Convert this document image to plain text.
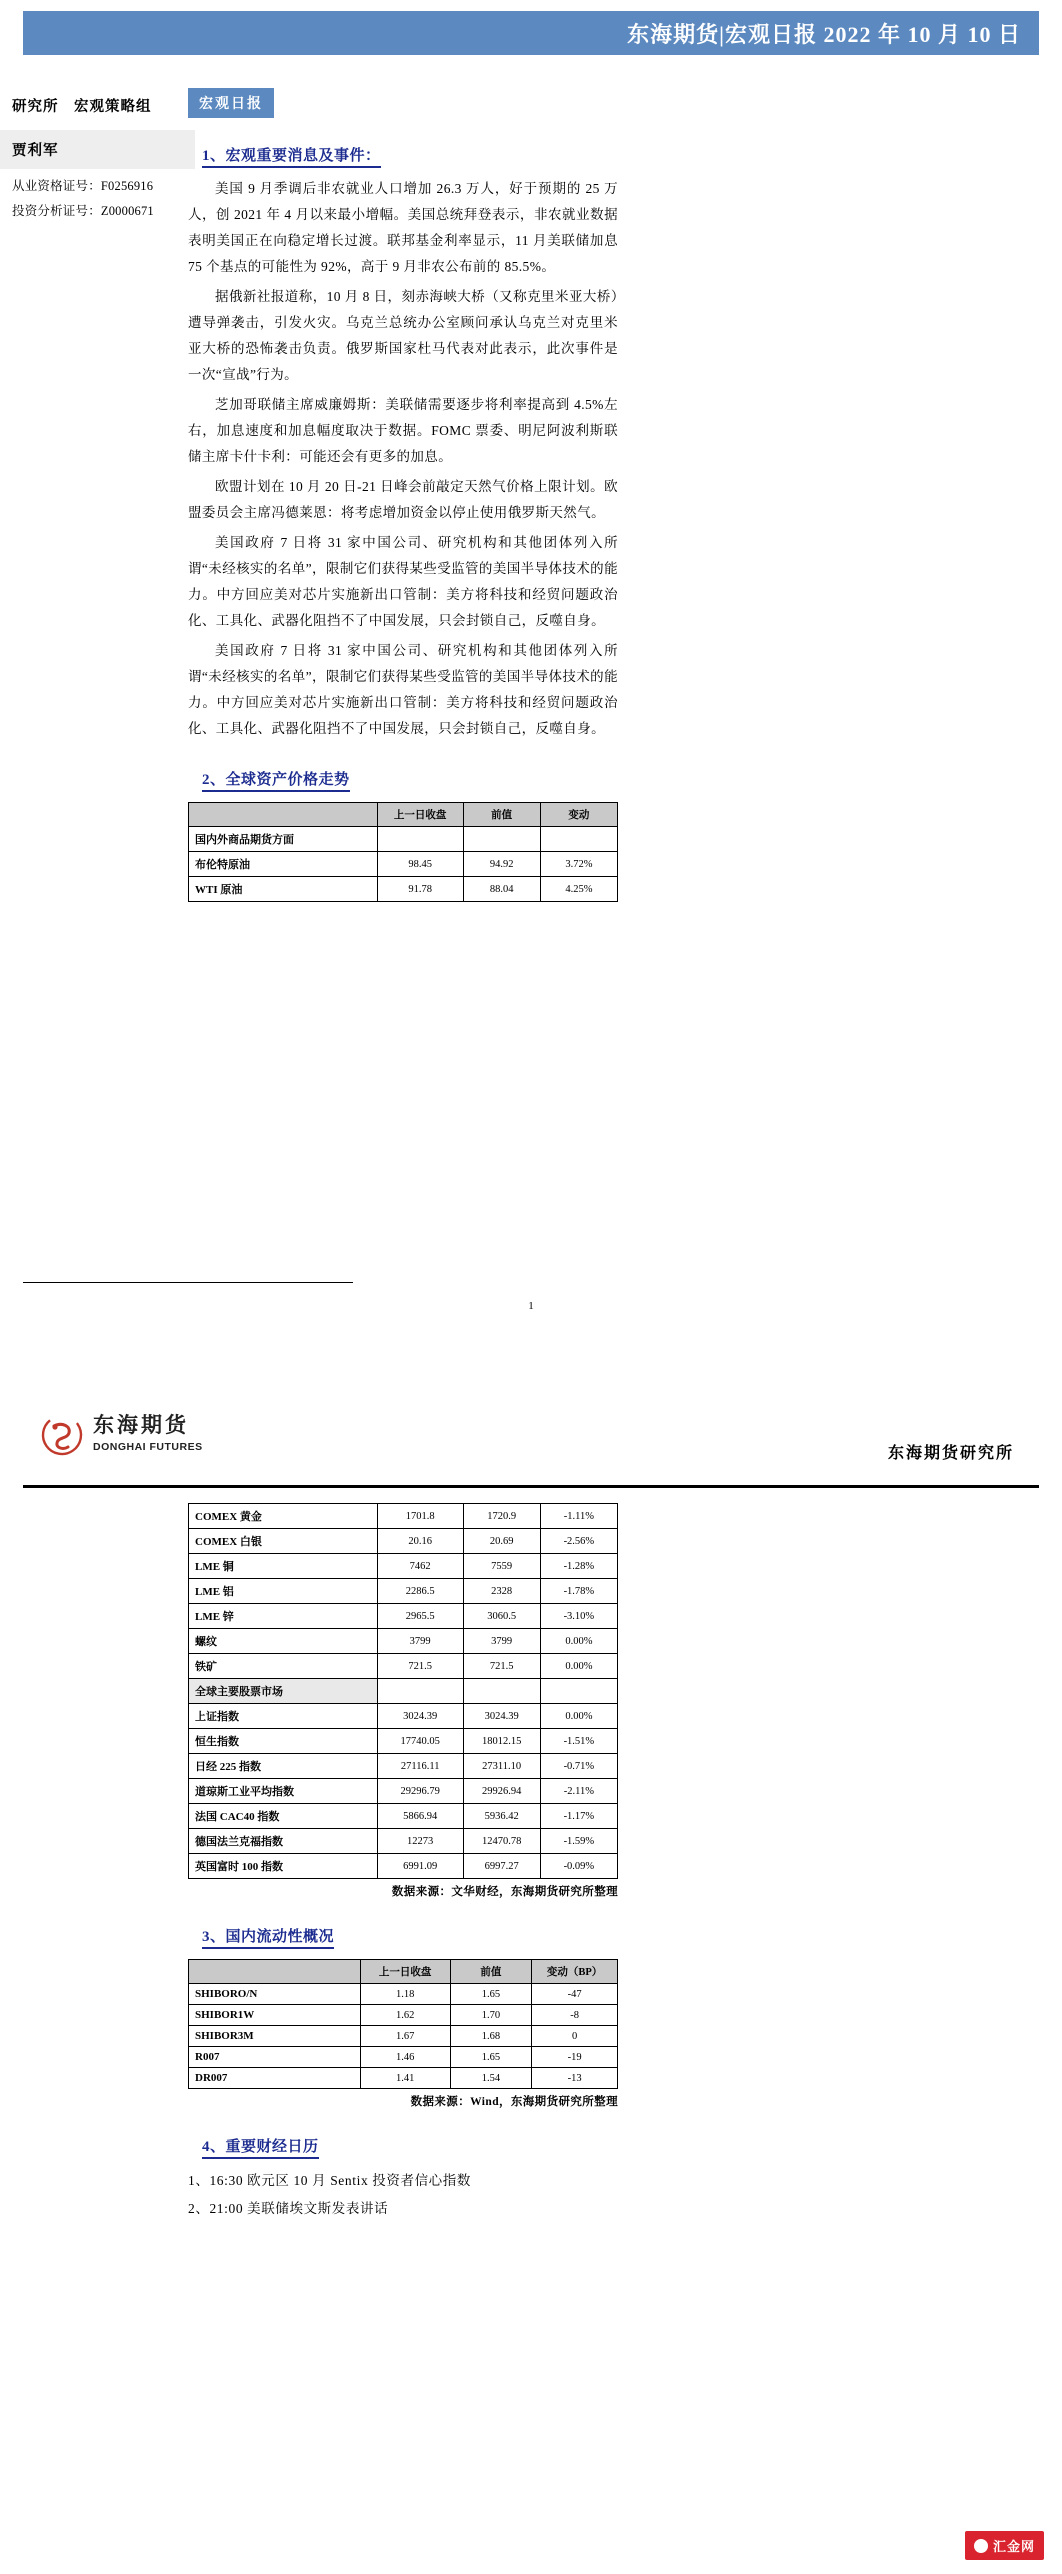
东海期货|宏观日报 2022 年 10 月 10 日
研究所　宏观策略组
贾利军
从业资格证号：F0256916
投资分析证号：Z0000671
宏观日报
1、宏观重要消息及事件：

美国 9 月季调后非农就业人口增加 26.3 万人，好于预期的 25 万人，创 2021 年 4 月以来最小增幅。美国总统拜登表示，非农就业数据表明美国正在向稳定增长过渡。联邦基金利率显示，11 月美联储加息 75 个基点的可能性为 92%，高于 9 月非农公布前的 85.5%。

据俄新社报道称，10 月 8 日，刻赤海峡大桥（又称克里米亚大桥）遭导弹袭击，引发火灾。乌克兰总统办公室顾问承认乌克兰对克里米亚大桥的恐怖袭击负责。俄罗斯国家杜马代表对此表示，此次事件是一次“宣战”行为。

芝加哥联储主席威廉姆斯：美联储需要逐步将利率提高到 4.5%左右，加息速度和加息幅度取决于数据。FOMC 票委、明尼阿波利斯联储主席卡什卡利：可能还会有更多的加息。

欧盟计划在 10 月 20 日-21 日峰会前敲定天然气价格上限计划。欧盟委员会主席冯德莱恩：将考虑增加资金以停止使用俄罗斯天然气。

美国政府 7 日将 31 家中国公司、研究机构和其他团体列入所谓“未经核实的名单”，限制它们获得某些受监管的美国半导体技术的能力。中方回应美对芯片实施新出口管制：美方将科技和经贸问题政治化、工具化、武器化阻挡不了中国发展，只会封锁自己，反噬自身。

美国政府 7 日将 31 家中国公司、研究机构和其他团体列入所谓“未经核实的名单”，限制它们获得某些受监管的美国半导体技术的能力。中方回应美对芯片实施新出口管制：美方将科技和经贸问题政治化、工具化、武器化阻挡不了中国发展，只会封锁自己，反噬自身。

2、全球资产价格走势
	上一日收盘	前值	变动
国内外商品期货方面			
布伦特原油	98.45	94.92	3.72%
WTI 原油	91.78	88.04	4.25%
1
东海期货
DONGHAI FUTURES	东海期货研究所
COMEX 黄金	1701.8	1720.9	-1.11%
COMEX 白银	20.16	20.69	-2.56%
LME 铜	7462	7559	-1.28%
LME 铝	2286.5	2328	-1.78%
LME 锌	2965.5	3060.5	-3.10%
螺纹	3799	3799	0.00%
铁矿	721.5	721.5	0.00%
全球主要股票市场			
上证指数	3024.39	3024.39	0.00%
恒生指数	17740.05	18012.15	-1.51%
日经 225 指数	27116.11	27311.10	-0.71%
道琼斯工业平均指数	29296.79	29926.94	-2.11%
法国 CAC40 指数	5866.94	5936.42	-1.17%
德国法兰克福指数	12273	12470.78	-1.59%
英国富时 100 指数	6991.09	6997.27	-0.09%
数据来源：文华财经，东海期货研究所整理
3、国内流动性概况
	上一日收盘	前值	变动（BP）
SHIBORO/N	1.18	1.65	-47
SHIBOR1W	1.62	1.70	-8
SHIBOR3M	1.67	1.68	0
R007	1.46	1.65	-19
DR007	1.41	1.54	-13
数据来源：Wind，东海期货研究所整理
4、重要财经日历
1、16:30 欧元区 10 月 Sentix 投资者信心指数
2、21:00 美联储埃文斯发表讲话
汇金网
